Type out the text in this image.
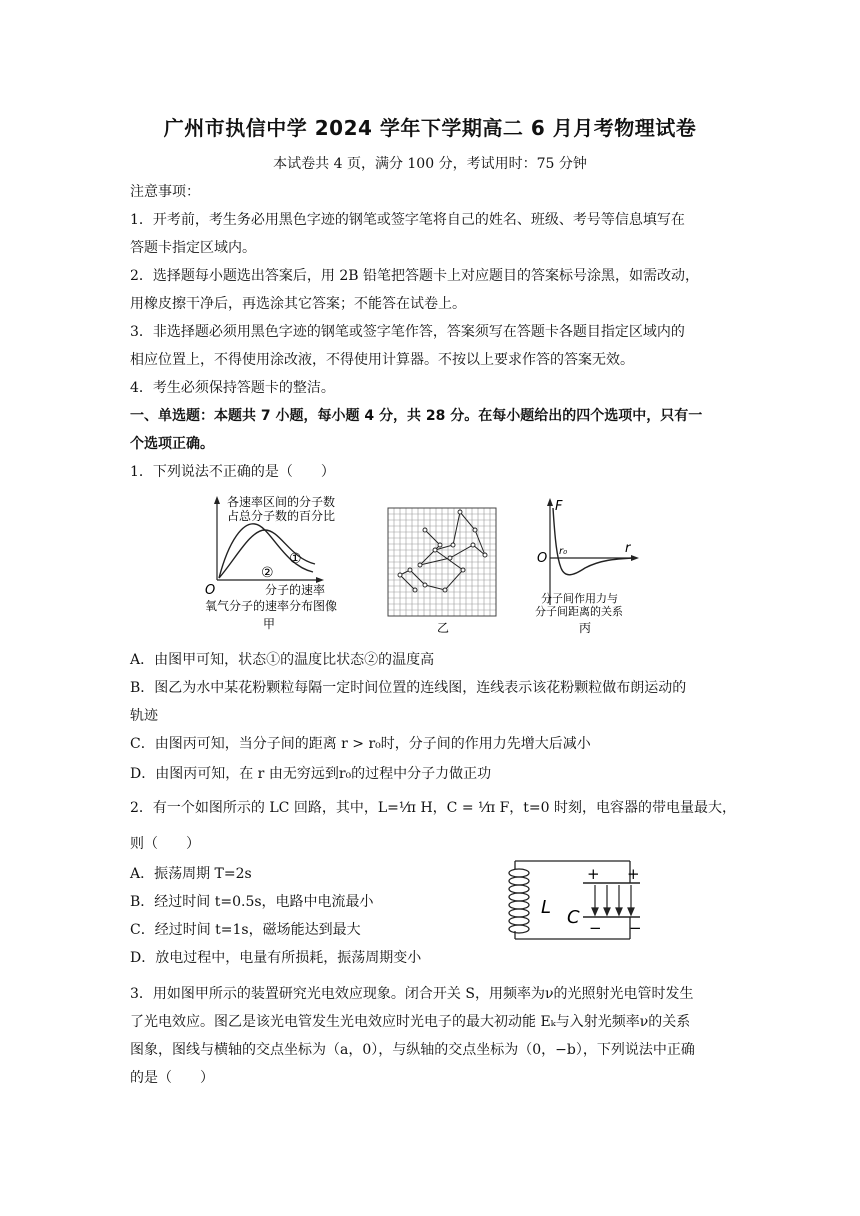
广州市执信中学 2024 学年下学期高二 6 月月考物理试卷
本试卷共 4 页，满分 100 分，考试用时：75 分钟
注意事项：
1．开考前，考生务必用黑色字迹的钢笔或签字笔将自己的姓名、班级、考号等信息填写在
答题卡指定区域内。
2．选择题每小题选出答案后，用 2B 铅笔把答题卡上对应题目的答案标号涂黑，如需改动，
用橡皮擦干净后，再选涂其它答案；不能答在试卷上。
3．非选择题必须用黑色字迹的钢笔或签字笔作答，答案须写在答题卡各题目指定区域内的
相应位置上，不得使用涂改液，不得使用计算器。不按以上要求作答的答案无效。
4．考生必须保持答题卡的整洁。
一、单选题：本题共 7 小题，每小题 4 分，共 28 分。在每小题给出的四个选项中，只有一
个选项正确。
1．下列说法不正确的是（　　）
各速率区间的分子数
占总分子数的百分比
①
②
O	分子的速率
氧气分子的速率分布图像
甲	乙
F
O r₀	r
分子间作用力与
分子间距离的关系
丙
A．由图甲可知，状态①的温度比状态②的温度高
B．图乙为水中某花粉颗粒每隔一定时间位置的连线图，连线表示该花粉颗粒做布朗运动的
轨迹
C．由图丙可知，当分子间的距离 r > r₀时，分子间的作用力先增大后减小
D．由图丙可知，在 r 由无穷远到r₀的过程中分子力做正功
2．有一个如图所示的 LC 回路，其中，L=¹⁄π H，C = ¹⁄π F，t=0 时刻，电容器的带电量最大，
则（　　）
A．振荡周期 T=2s
B．经过时间 t=0.5s，电路中电流最小
C．经过时间 t=1s，磁场能达到最大
D．放电过程中，电量有所损耗，振荡周期变小
L
+ +
C − −
3．用如图甲所示的装置研究光电效应现象。闭合开关 S，用频率为ν的光照射光电管时发生
了光电效应。图乙是该光电管发生光电效应时光电子的最大初动能 Eₖ与入射光频率ν的关系
图象，图线与横轴的交点坐标为（a，0），与纵轴的交点坐标为（0，−b），下列说法中正确
的是（　　）
